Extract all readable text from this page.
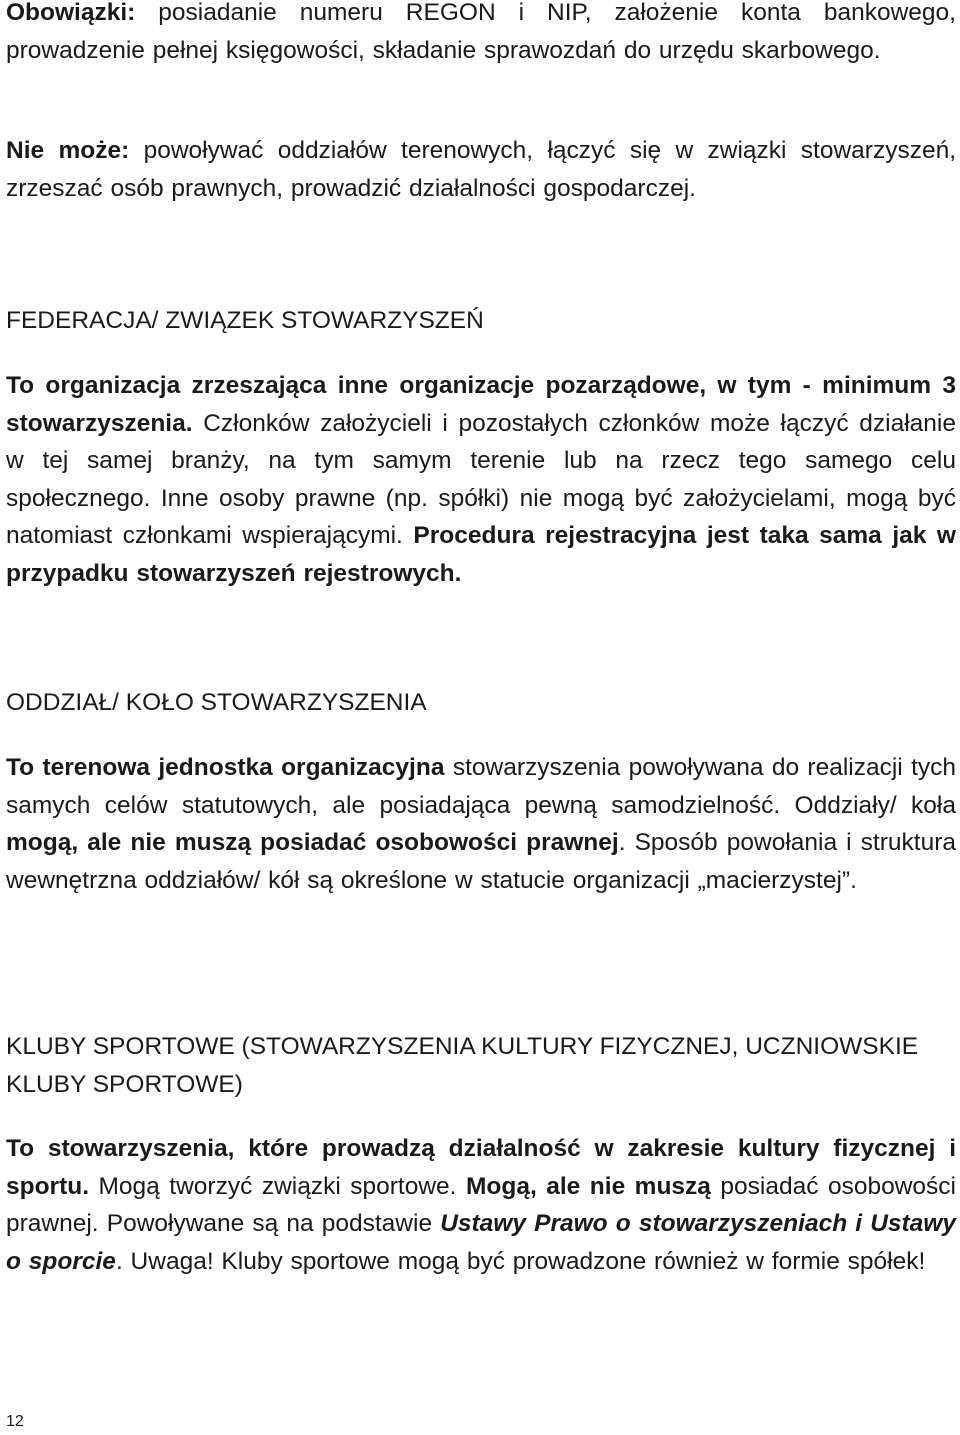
Obowiązki: posiadanie numeru REGON i NIP, założenie konta bankowego, prowadzenie pełnej księgowości, składanie sprawozdań do urzędu skarbowego.

Nie może: powoływać oddziałów terenowych, łączyć się w związki stowarzyszeń, zrzeszać osób prawnych, prowadzić działalności gospodarczej.

FEDERACJA/ ZWIĄZEK STOWARZYSZEŃ

To organizacja zrzeszająca inne organizacje pozarządowe, w tym - minimum 3 stowarzyszenia. Członków założycieli i pozostałych członków może łączyć działanie w tej samej branży, na tym samym terenie lub na rzecz tego samego celu społecznego. Inne osoby prawne (np. spółki) nie mogą być założycielami, mogą być natomiast członkami wspierającymi. Procedura rejestracyjna jest taka sama jak w przypadku stowarzyszeń rejestrowych.

ODDZIAŁ/ KOŁO STOWARZYSZENIA

To terenowa jednostka organizacyjna stowarzyszenia powoływana do realizacji tych samych celów statutowych, ale posiadająca pewną samodzielność. Oddziały/ koła mogą, ale nie muszą posiadać osobowości prawnej. Sposób powołania i struktura wewnętrzna oddziałów/ kół są określone w statucie organizacji „macierzystej”.

KLUBY SPORTOWE (STOWARZYSZENIA KULTURY FIZYCZNEJ, UCZNIOWSKIE KLUBY SPORTOWE)

To stowarzyszenia, które prowadzą działalność w zakresie kultury fizycznej i sportu. Mogą tworzyć związki sportowe. Mogą, ale nie muszą posiadać osobowości prawnej. Powoływane są na podstawie Ustawy Prawo o stowarzyszeniach i Ustawy o sporcie. Uwaga! Kluby sportowe mogą być prowadzone również w formie spółek!

12
